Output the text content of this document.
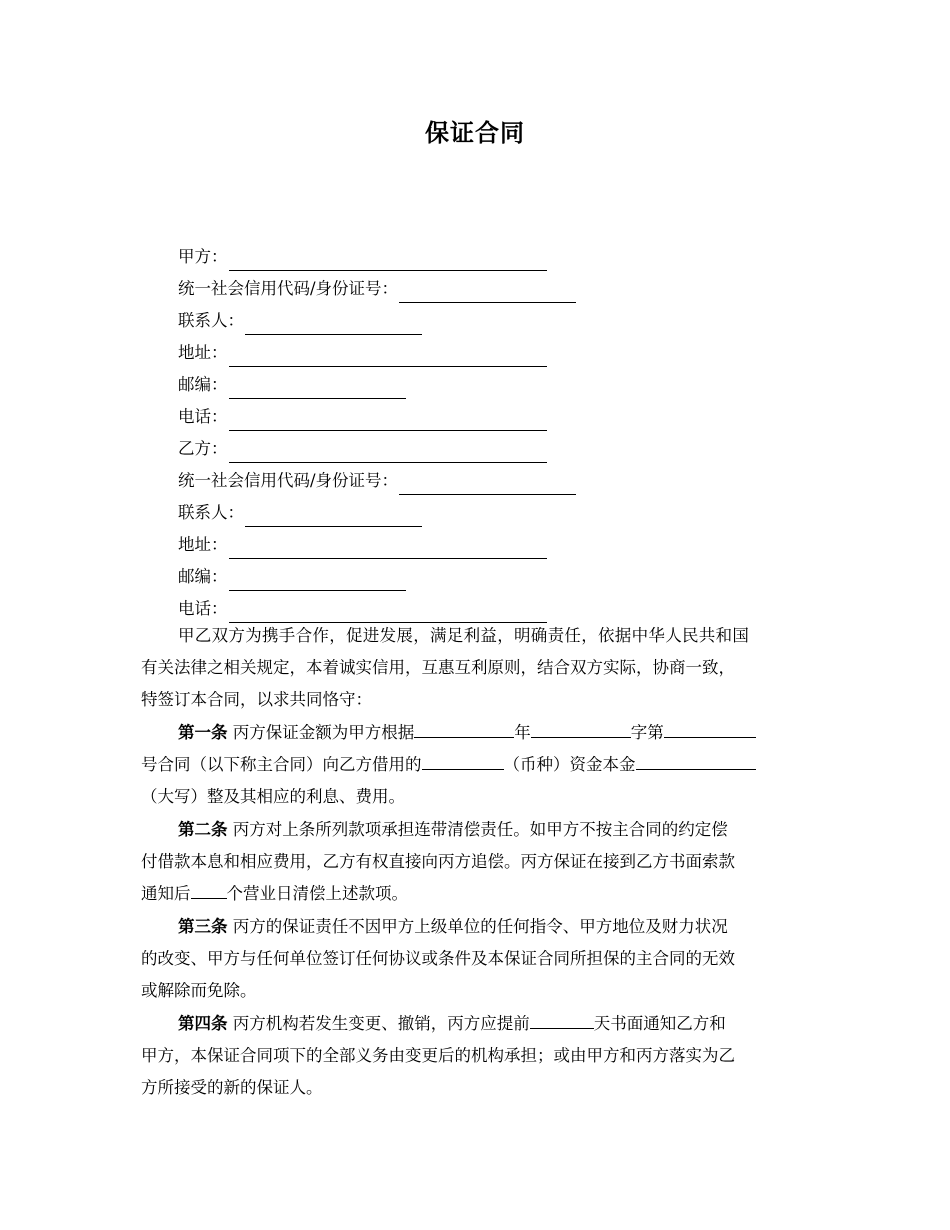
保证合同
甲方：
统一社会信用代码/身份证号：
联系人：
地址：
邮编：
电话：
乙方：
统一社会信用代码/身份证号：
联系人：
地址：
邮编：
电话：
甲乙双方为携手合作，促进发展，满足利益，明确责任，依据中华人民共和国
有关法律之相关规定，本着诚实信用，互惠互利原则，结合双方实际，协商一致，
特签订本合同，以求共同恪守：
第一条 丙方保证金额为甲方根据	年	字第
号合同（以下称主合同）向乙方借用的	（币种）资金本金
（大写）整及其相应的利息、费用。
第二条 丙方对上条所列款项承担连带清偿责任。如甲方不按主合同的约定偿
付借款本息和相应费用，乙方有权直接向丙方追偿。丙方保证在接到乙方书面索款
通知后 个营业日清偿上述款项。
第三条 丙方的保证责任不因甲方上级单位的任何指令、甲方地位及财力状况
的改变、甲方与任何单位签订任何协议或条件及本保证合同所担保的主合同的无效
或解除而免除。
第四条 丙方机构若发生变更、撤销，丙方应提前	天书面通知乙方和
甲方，本保证合同项下的全部义务由变更后的机构承担；或由甲方和丙方落实为乙
方所接受的新的保证人。
